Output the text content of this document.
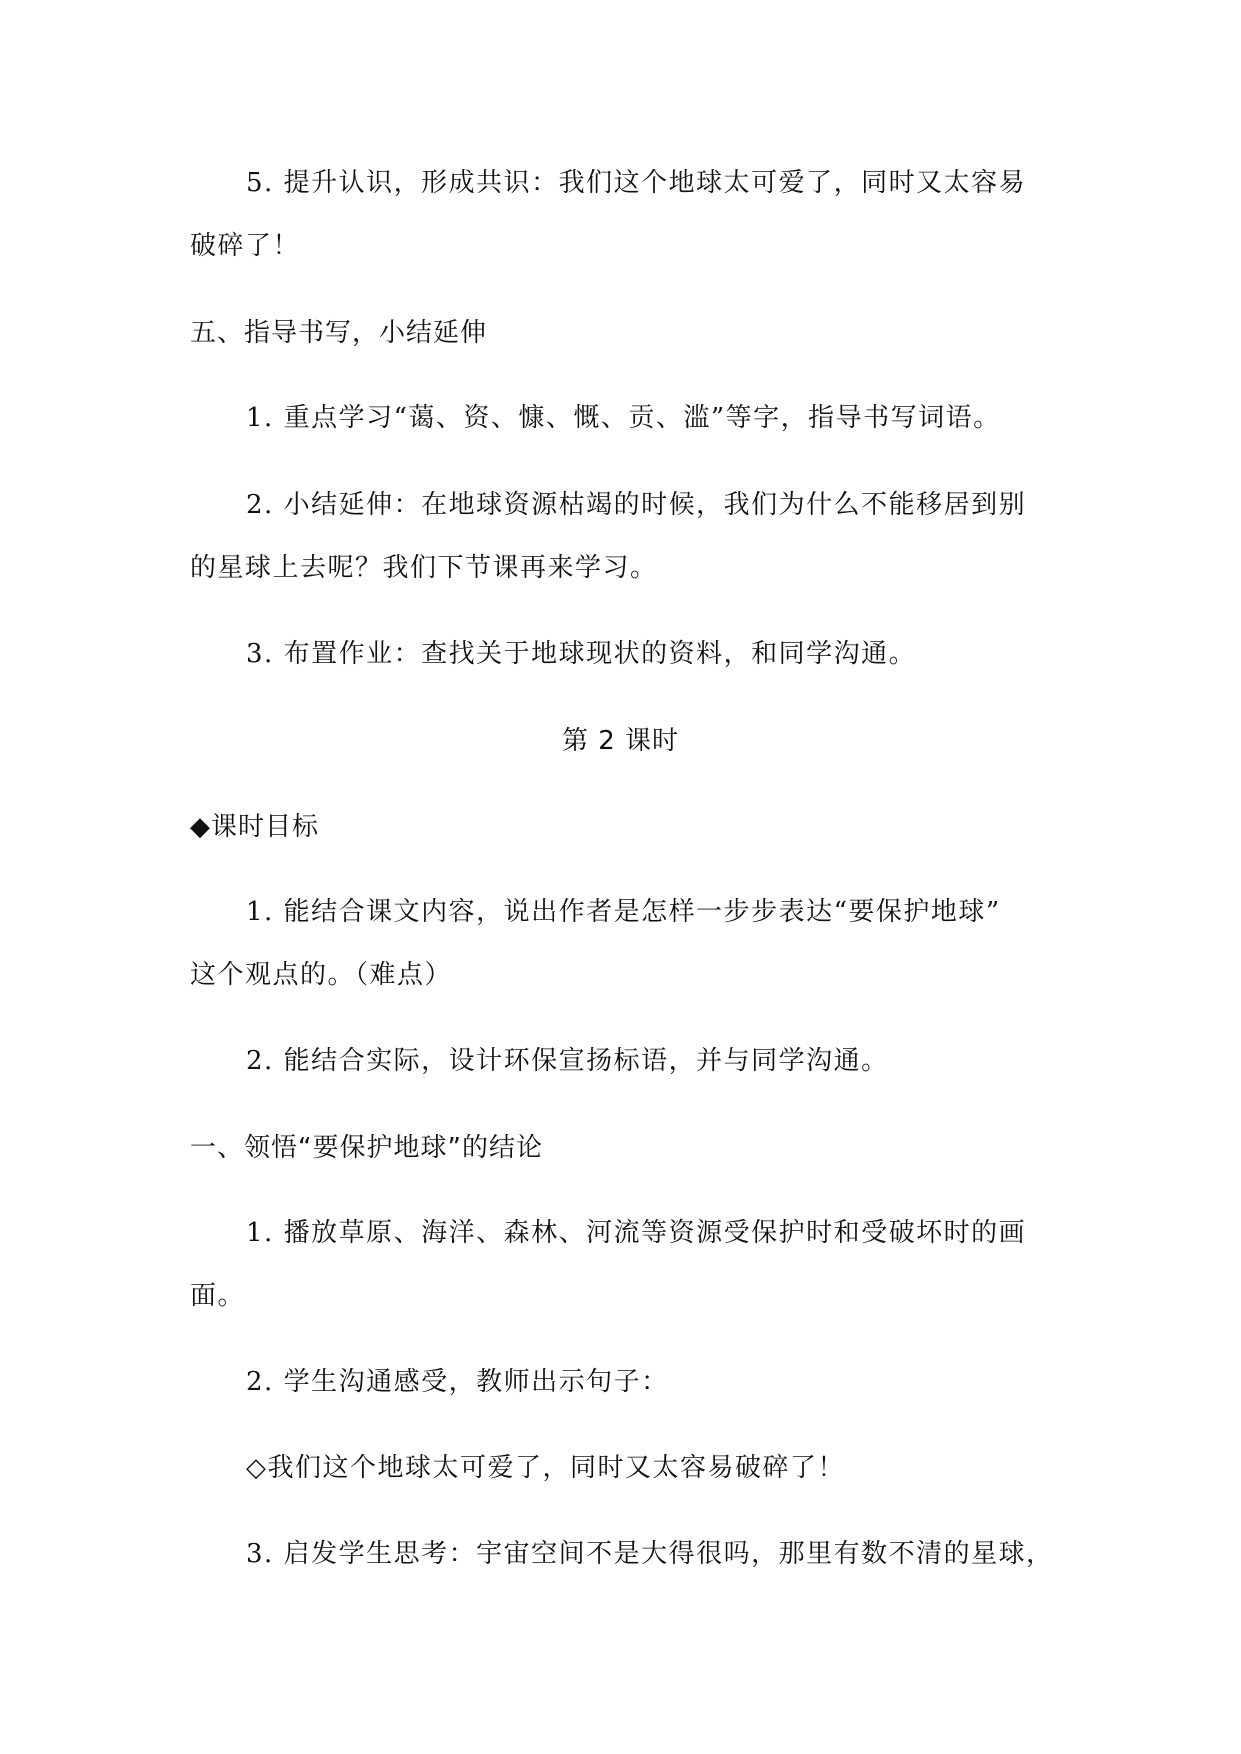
5. 提升认识，形成共识：我们这个地球太可爱了，同时又太容易
破碎了！
五、指导书写，小结延伸
1. 重点学习“蔼、资、慷、慨、贡、滥”等字，指导书写词语。
2. 小结延伸：在地球资源枯竭的时候，我们为什么不能移居到别
的星球上去呢？我们下节课再来学习。
3. 布置作业：查找关于地球现状的资料，和同学沟通。
第 2 课时
◆课时目标
1. 能结合课文内容，说出作者是怎样一步步表达“要保护地球”
这个观点的。（难点）
2. 能结合实际，设计环保宣扬标语，并与同学沟通。
一、领悟“要保护地球”的结论
1. 播放草原、海洋、森林、河流等资源受保护时和受破坏时的画
面。
2. 学生沟通感受，教师出示句子：
◇我们这个地球太可爱了，同时又太容易破碎了！
3. 启发学生思考：宇宙空间不是大得很吗，那里有数不清的星球，
